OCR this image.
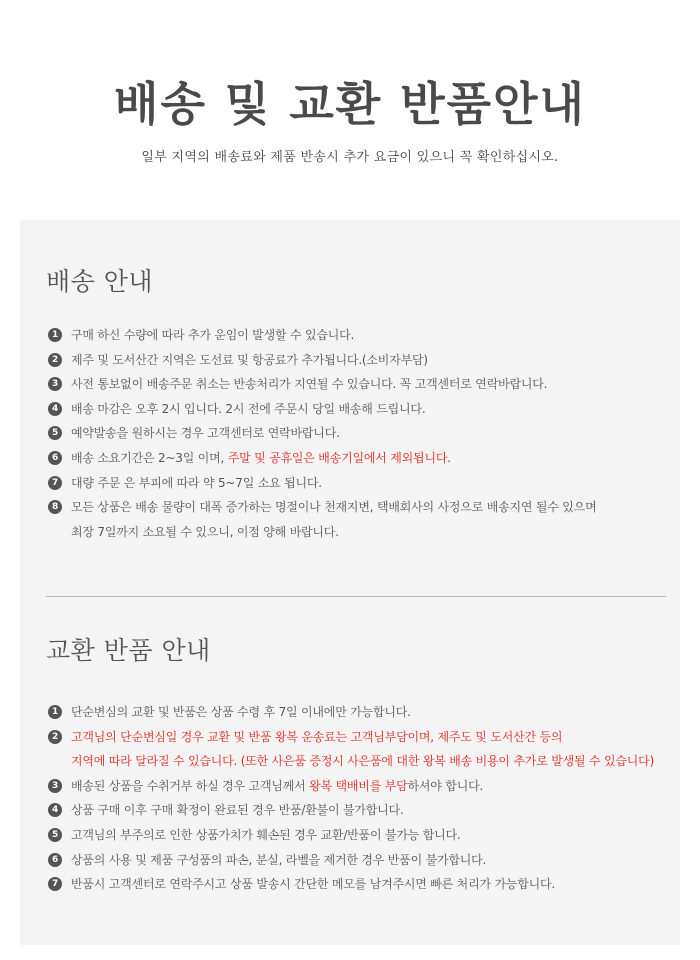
배송 및 교환 반품안내
일부 지역의 배송료와 제품 반송시 추가 요금이 있으니 꼭 확인하십시오.
배송 안내
1	구매 하신 수량에 따라 추가 운임이 발생할 수 있습니다.
2	제주 및 도서산간 지역은 도선료 및 항공료가 추가됩니다.(소비자부담)
3	사전 통보없이 배송주문 취소는 반송처리가 지연될 수 있습니다. 꼭 고객센터로 연락바랍니다.
4	배송 마감은 오후 2시 입니다. 2시 전에 주문시 당일 배송해 드립니다.
5	예약발송을 원하시는 경우 고객센터로 연락바랍니다.
6	배송 소요기간은 2~3일 이며, 주말 및 공휴일은 배송기일에서 제외됩니다.
7	대량 주문 은 부피에 따라 약 5~7일 소요 됩니다.
8	모든 상품은 배송 물량이 대폭 증가하는 명절이나 천재지변, 택배회사의 사정으로 배송지연 될수 있으며
최장 7일까지 소요될 수 있으니, 이점 양해 바랍니다.
교환 반품 안내
1	단순변심의 교환 및 반품은 상품 수령 후 7일 이내에만 가능합니다.
2	고객님의 단순변심일 경우 교환 및 반품 왕복 운송료는 고객님부담이며, 제주도 및 도서산간 등의
지역에 따라 달라질 수 있습니다. (또한 사은품 증정시 사은품에 대한 왕복 배송 비용이 추가로 발생될 수 있습니다)
3	배송된 상품을 수취거부 하실 경우 고객님께서 왕복 택배비를 부담하셔야 합니다.
4	상품 구매 이후 구매 확정이 완료된 경우 반품/환불이 불가합니다.
5	고객님의 부주의로 인한 상품가치가 훼손된 경우 교환/반품이 불가능 합니다.
6	상품의 사용 및 제품 구성품의 파손, 분실, 라벨을 제거한 경우 반품이 불가합니다.
7	반품시 고객센터로 연락주시고 상품 발송시 간단한 메모를 남겨주시면 빠른 처리가 가능합니다.
